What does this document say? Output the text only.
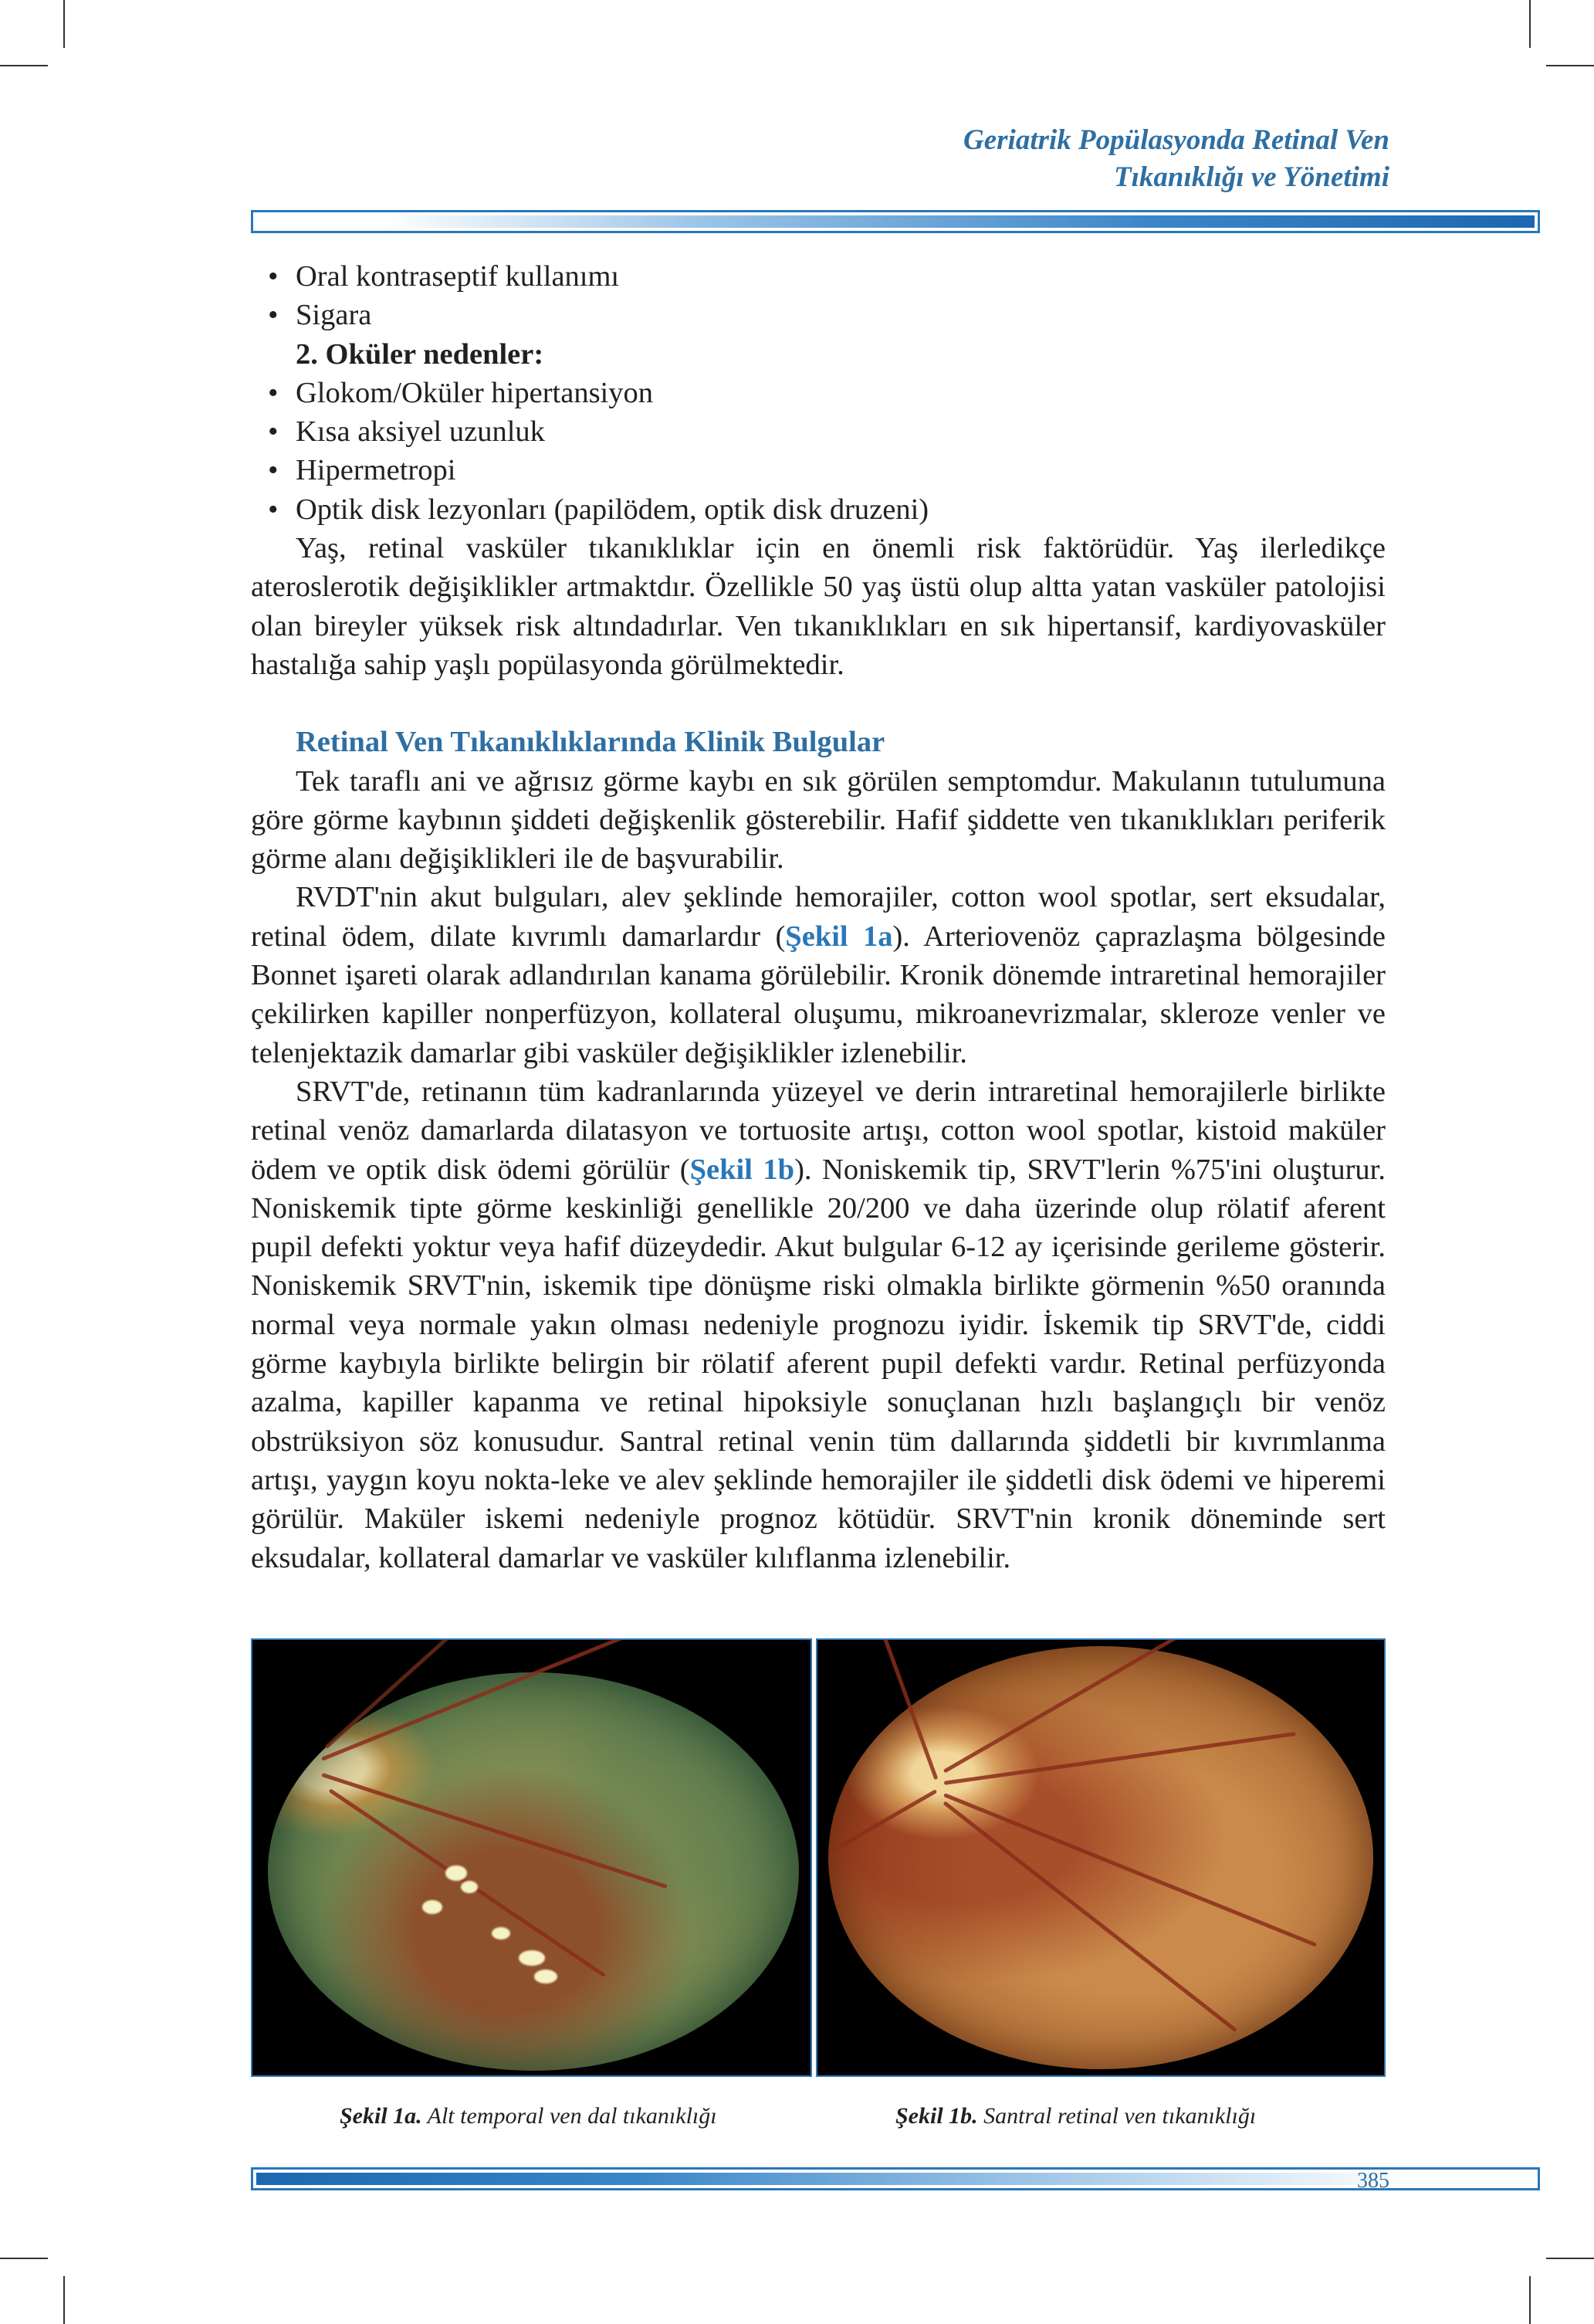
Geriatrik Popülasyonda Retinal Ven
Tıkanıklığı ve Yönetimi

• Oral kontraseptif kullanımı

• Sigara

2. Oküler nedenler:

• Glokom/Oküler hipertansiyon

• Kısa aksiyel uzunluk

• Hipermetropi

• Optik disk lezyonları (papilödem, optik disk druzeni)

Yaş, retinal vasküler tıkanıklıklar için en önemli risk faktörüdür. Yaş ilerledikçe ateroslerotik değişiklikler artmaktdır. Özellikle 50 yaş üstü olup altta yatan vasküler patolojisi olan bireyler yüksek risk altındadırlar. Ven tıkanıklıkları en sık hipertansif, kardiyovasküler hastalığa sahip yaşlı popülasyonda görülmektedir.

Retinal Ven Tıkanıklıklarında Klinik Bulgular

Tek taraflı ani ve ağrısız görme kaybı en sık görülen semptomdur. Makulanın tutulumuna göre görme kaybının şiddeti değişkenlik gösterebilir. Hafif şiddette ven tıkanıklıkları periferik görme alanı değişiklikleri ile de başvurabilir.

RVDT'nin akut bulguları, alev şeklinde hemorajiler, cotton wool spotlar, sert eksudalar, retinal ödem, dilate kıvrımlı damarlardır (Şekil 1a). Arteriovenöz çaprazlaşma bölgesinde Bonnet işareti olarak adlandırılan kanama görülebilir. Kronik dönemde intraretinal hemorajiler çekilirken kapiller nonperfüzyon, kollateral oluşumu, mikroanevrizmalar, skleroze venler ve telenjektazik damarlar gibi vasküler değişiklikler izlenebilir.

SRVT'de, retinanın tüm kadranlarında yüzeyel ve derin intraretinal hemorajilerle birlikte retinal venöz damarlarda dilatasyon ve tortuosite artışı, cotton wool spotlar, kistoid maküler ödem ve optik disk ödemi görülür (Şekil 1b). Noniskemik tip, SRVT'lerin %75'ini oluşturur. Noniskemik tipte görme keskinliği genellikle 20/200 ve daha üzerinde olup rölatif aferent pupil defekti yoktur veya hafif düzeydedir. Akut bulgular 6-12 ay içerisinde gerileme gösterir. Noniskemik SRVT'nin, iskemik tipe dönüşme riski olmakla birlikte görmenin %50 oranında normal veya normale yakın olması nedeniyle prognozu iyidir. İskemik tip SRVT'de, ciddi görme kaybıyla birlikte belirgin bir rölatif aferent pupil defekti vardır. Retinal perfüzyonda azalma, kapiller kapanma ve retinal hipoksiyle sonuçlanan hızlı başlangıçlı bir venöz obstrüksiyon söz konusudur. Santral retinal venin tüm dallarında şiddetli bir kıvrımlanma artışı, yaygın koyu nokta-leke ve alev şeklinde hemorajiler ile şiddetli disk ödemi ve hiperemi görülür. Maküler iskemi nedeniyle prognoz kötüdür. SRVT'nin kronik döneminde sert eksudalar, kollateral damarlar ve vasküler kılıflanma izlenebilir.

Şekil 1a. Alt temporal ven dal tıkanıklığı	Şekil 1b. Santral retinal ven tıkanıklığı
385
